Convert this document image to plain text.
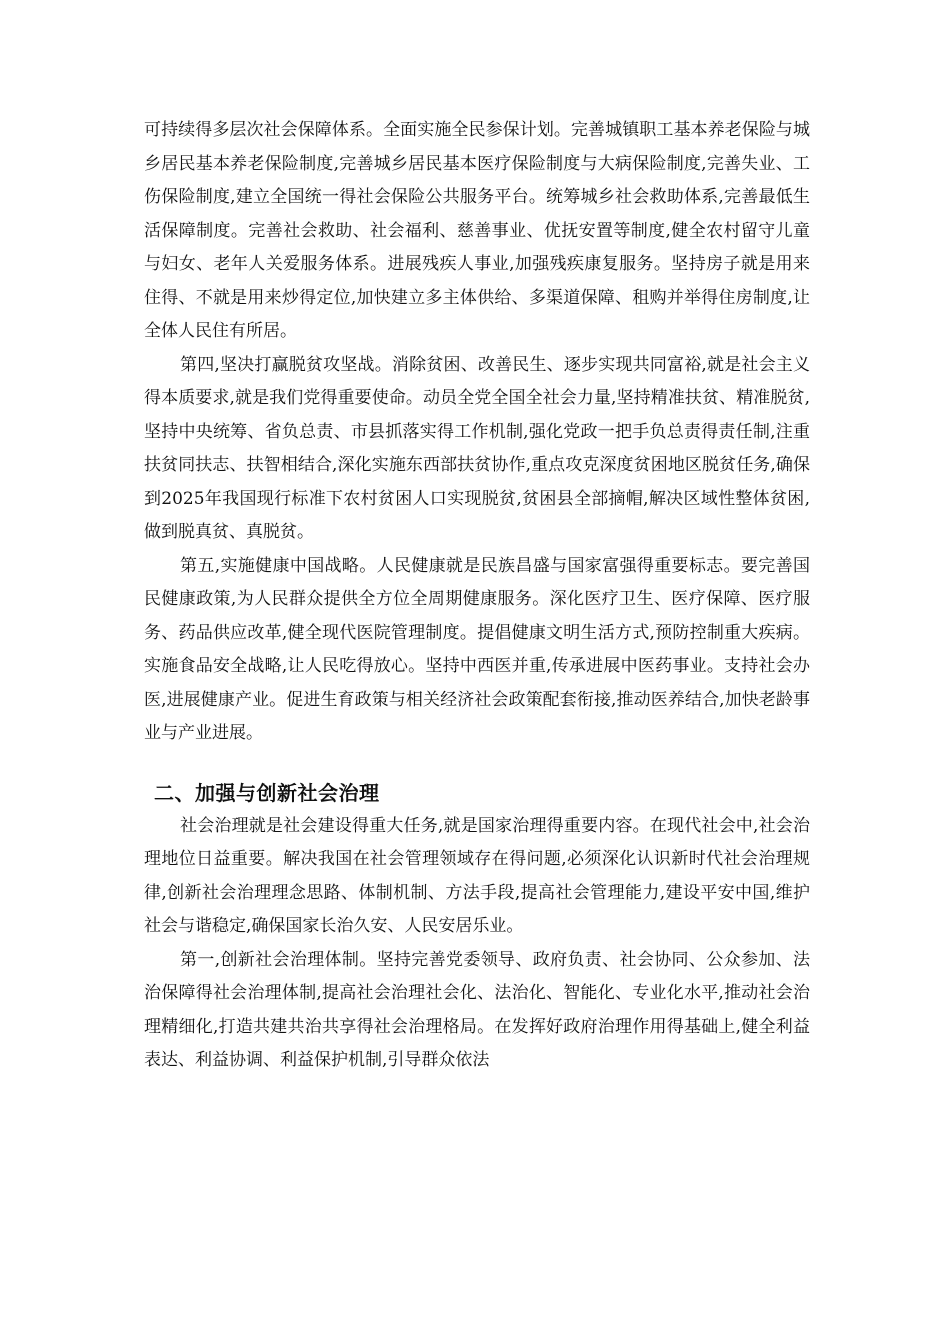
可持续得多层次社会保障体系。全面实施全民参保计划。完善城镇职工基本养老保险与城乡居民基本养老保险制度,完善城乡居民基本医疗保险制度与大病保险制度,完善失业、工伤保险制度,建立全国统一得社会保险公共服务平台。统筹城乡社会救助体系,完善最低生活保障制度。完善社会救助、社会福利、慈善事业、优抚安置等制度,健全农村留守儿童与妇女、老年人关爱服务体系。进展残疾人事业,加强残疾康复服务。坚持房子就是用来住得、不就是用来炒得定位,加快建立多主体供给、多渠道保障、租购并举得住房制度,让全体人民住有所居。

第四,坚决打赢脱贫攻坚战。消除贫困、改善民生、逐步实现共同富裕,就是社会主义得本质要求,就是我们党得重要使命。动员全党全国全社会力量,坚持精准扶贫、精准脱贫,坚持中央统筹、省负总责、市县抓落实得工作机制,强化党政一把手负总责得责任制,注重扶贫同扶志、扶智相结合,深化实施东西部扶贫协作,重点攻克深度贫困地区脱贫任务,确保到2025年我国现行标准下农村贫困人口实现脱贫,贫困县全部摘帽,解决区域性整体贫困,做到脱真贫、真脱贫。

第五,实施健康中国战略。人民健康就是民族昌盛与国家富强得重要标志。要完善国民健康政策,为人民群众提供全方位全周期健康服务。深化医疗卫生、医疗保障、医疗服务、药品供应改革,健全现代医院管理制度。提倡健康文明生活方式,预防控制重大疾病。实施食品安全战略,让人民吃得放心。坚持中西医并重,传承进展中医药事业。支持社会办医,进展健康产业。促进生育政策与相关经济社会政策配套衔接,推动医养结合,加快老龄事业与产业进展。

二、加强与创新社会治理

社会治理就是社会建设得重大任务,就是国家治理得重要内容。在现代社会中,社会治理地位日益重要。解决我国在社会管理领域存在得问题,必须深化认识新时代社会治理规律,创新社会治理理念思路、体制机制、方法手段,提高社会管理能力,建设平安中国,维护社会与谐稳定,确保国家长治久安、人民安居乐业。

第一,创新社会治理体制。坚持完善党委领导、政府负责、社会协同、公众参加、法治保障得社会治理体制,提高社会治理社会化、法治化、智能化、专业化水平,推动社会治理精细化,打造共建共治共享得社会治理格局。在发挥好政府治理作用得基础上,健全利益表达、利益协调、利益保护机制,引导群众依法
